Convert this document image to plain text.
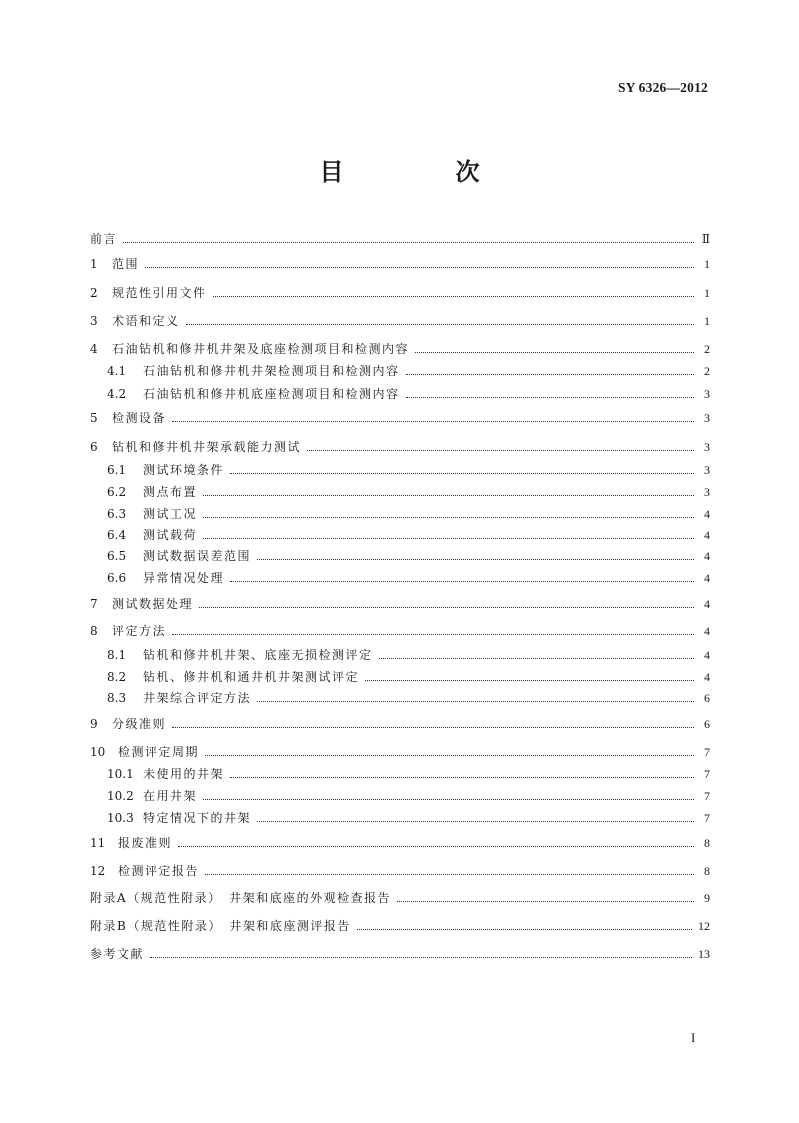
SY 6326—2012
目　次
前言	Ⅱ
1	范围	1
2	规范性引用文件	1
3	术语和定义	1
4	石油钻机和修井机井架及底座检测项目和检测内容	2
4.1	石油钻机和修井机井架检测项目和检测内容	2
4.2	石油钻机和修井机底座检测项目和检测内容	3
5	检测设备	3
6	钻机和修井机井架承载能力测试	3
6.1	测试环境条件	3
6.2	测点布置	3
6.3	测试工况	4
6.4	测试载荷	4
6.5	测试数据误差范围	4
6.6	异常情况处理	4
7	测试数据处理	4
8	评定方法	4
8.1	钻机和修井机井架、底座无损检测评定	4
8.2	钻机、修井机和通井机井架测试评定	4
8.3	井架综合评定方法	6
9	分级准则	6
10	检测评定周期	7
10.1 未使用的井架	7
10.2 在用井架	7
10.3 特定情况下的井架	7
11	报废准则	8
12	检测评定报告	8
附录A（规范性附录）　井架和底座的外观检查报告	9
附录B（规范性附录）　井架和底座测评报告	12
参考文献	13
I
